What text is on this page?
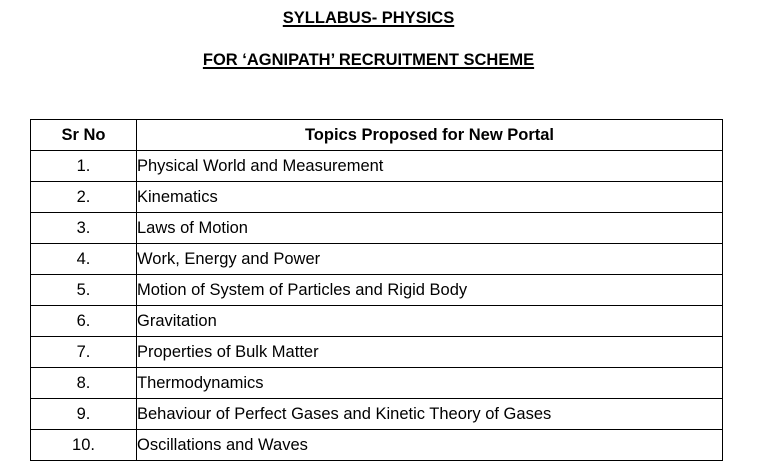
SYLLABUS- PHYSICS
FOR ‘AGNIPATH’ RECRUITMENT SCHEME
Sr No	Topics Proposed for New Portal
1.	Physical World and Measurement
2.	Kinematics
3.	Laws of Motion
4.	Work, Energy and Power
5.	Motion of System of Particles and Rigid Body
6.	Gravitation
7.	Properties of Bulk Matter
8.	Thermodynamics
9.	Behaviour of Perfect Gases and Kinetic Theory of Gases
10.	Oscillations and Waves
